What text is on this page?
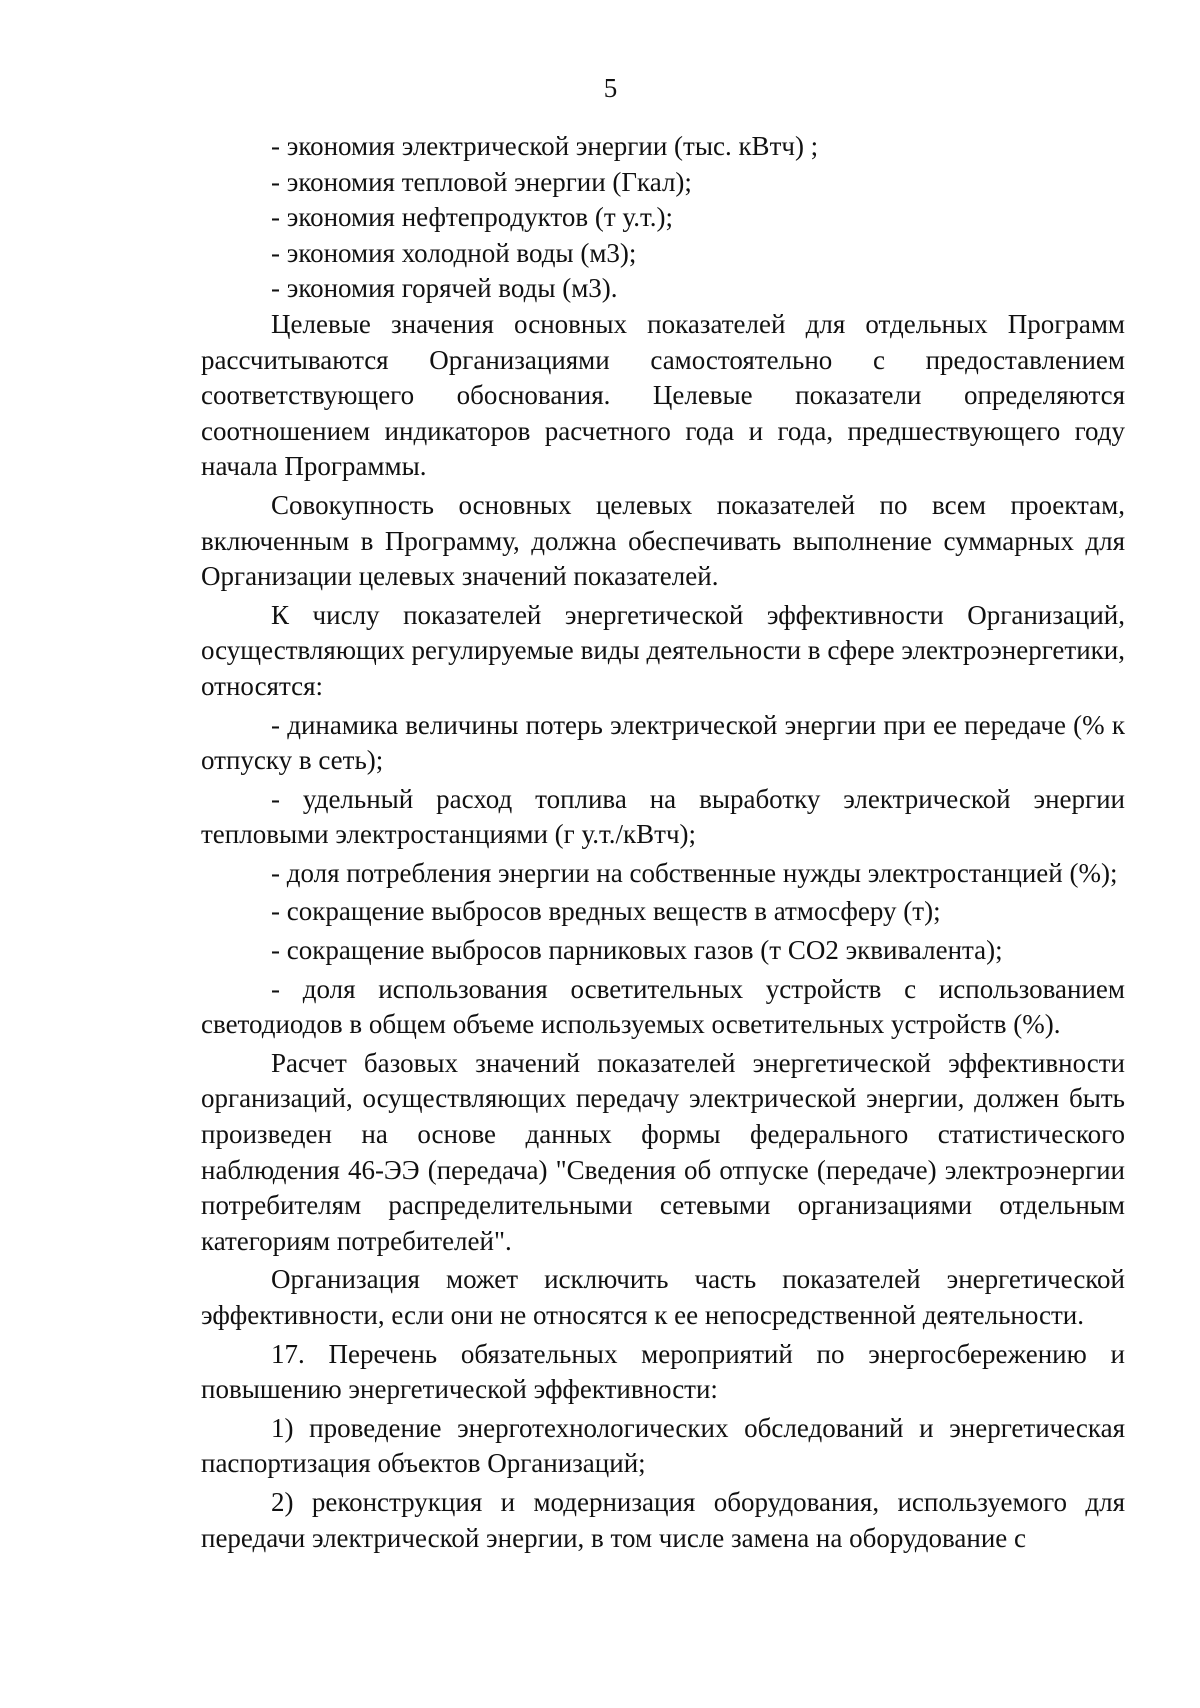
5

- экономия электрической энергии (тыс. кВтч) ;

- экономия тепловой энергии (Гкал);

- экономия нефтепродуктов (т у.т.);

- экономия холодной воды (м3);

- экономия горячей воды (м3).

Целевые значения основных показателей для отдельных Программ рассчитываются Организациями самостоятельно с предоставлением соответствующего обоснования. Целевые показатели определяются соотношением индикаторов расчетного года и года, предшествующего году начала Программы.

Совокупность основных целевых показателей по всем проектам, включенным в Программу, должна обеспечивать выполнение суммарных для Организации целевых значений показателей.

К числу показателей энергетической эффективности Организаций, осуществляющих регулируемые виды деятельности в сфере электроэнергетики, относятся:

- динамика величины потерь электрической энергии при ее передаче (% к отпуску в сеть);

- удельный расход топлива на выработку электрической энергии тепловыми электростанциями (г у.т./кВтч);

- доля потребления энергии на собственные нужды электростанцией (%);

- сокращение выбросов вредных веществ в атмосферу (т);

- сокращение выбросов парниковых газов (т СО2 эквивалента);

- доля использования осветительных устройств с использованием светодиодов в общем объеме используемых осветительных устройств (%).

Расчет базовых значений показателей энергетической эффективности организаций, осуществляющих передачу электрической энергии, должен быть произведен на основе данных формы федерального статистического наблюдения 46-ЭЭ (передача) "Сведения об отпуске (передаче) электроэнергии потребителям распределительными сетевыми организациями отдельным категориям потребителей".

Организация может исключить часть показателей энергетической эффективности, если они не относятся к ее непосредственной деятельности.

17. Перечень обязательных мероприятий по энергосбережению и повышению энергетической эффективности:

1) проведение энерготехнологических обследований и энергетическая паспортизация объектов Организаций;

2) реконструкция и модернизация оборудования, используемого для передачи электрической энергии, в том числе замена на оборудование с
